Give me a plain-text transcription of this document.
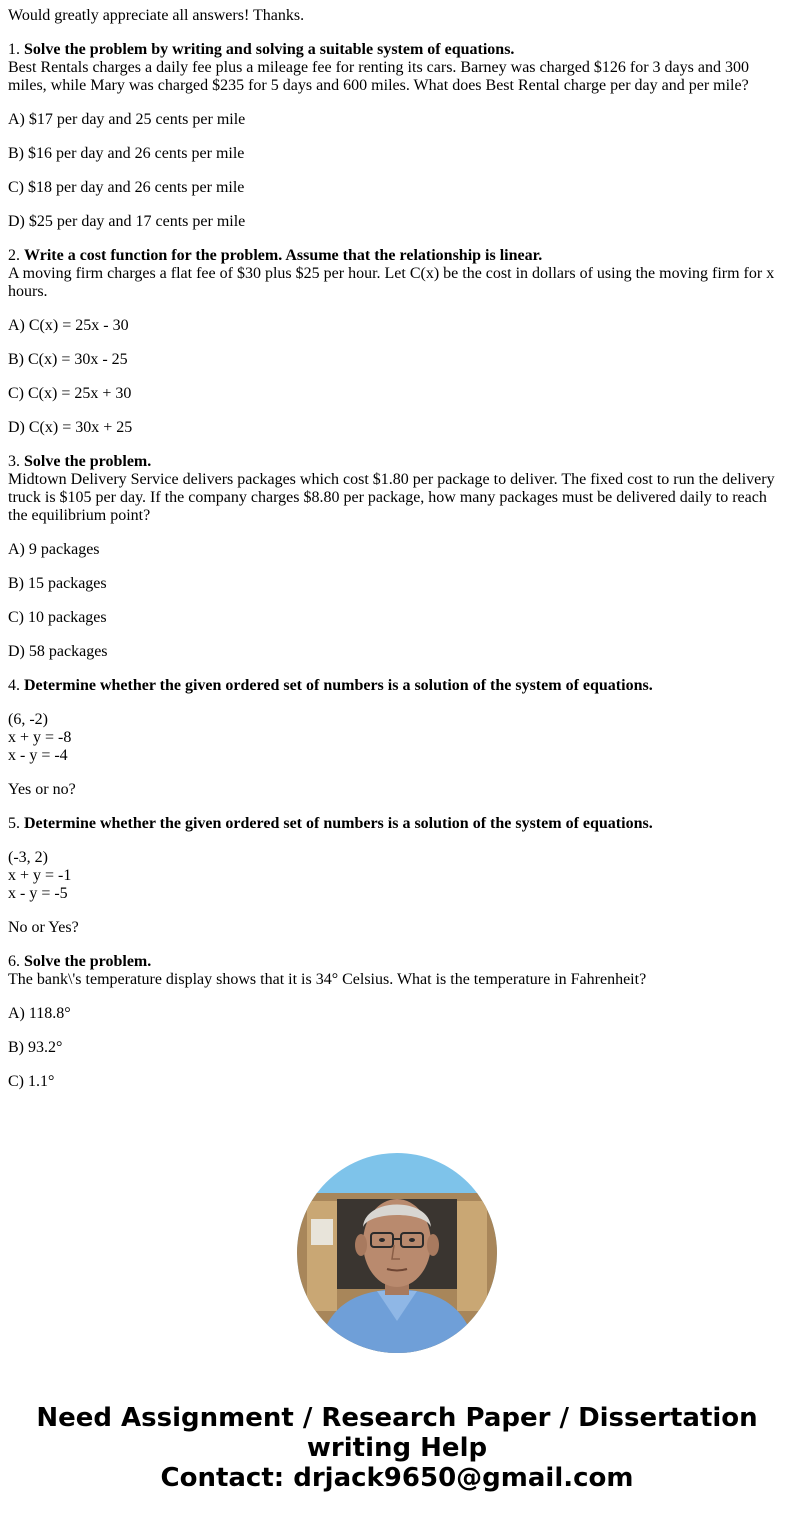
Would greatly appreciate all answers! Thanks.
1. Solve the problem by writing and solving a suitable system of equations.
Best Rentals charges a daily fee plus a mileage fee for renting its cars. Barney was charged $126 for 3 days and 300 miles, while Mary was charged $235 for 5 days and 600 miles. What does Best Rental charge per day and per mile?
A) $17 per day and 25 cents per mile
B) $16 per day and 26 cents per mile
C) $18 per day and 26 cents per mile
D) $25 per day and 17 cents per mile
2. Write a cost function for the problem. Assume that the relationship is linear.
A moving firm charges a flat fee of $30 plus $25 per hour. Let C(x) be the cost in dollars of using the moving firm for x hours.
A) C(x) = 25x - 30
B) C(x) = 30x - 25
C) C(x) = 25x + 30
D) C(x) = 30x + 25
3. Solve the problem.
Midtown Delivery Service delivers packages which cost $1.80 per package to deliver. The fixed cost to run the delivery truck is $105 per day. If the company charges $8.80 per package, how many packages must be delivered daily to reach the equilibrium point?
A) 9 packages
B) 15 packages
C) 10 packages
D) 58 packages
4. Determine whether the given ordered set of numbers is a solution of the system of equations.
(6, -2)
x + y = -8
x - y = -4
Yes or no?
5. Determine whether the given ordered set of numbers is a solution of the system of equations.
(-3, 2)
x + y = -1
x - y = -5
No or Yes?
6. Solve the problem.
The bank\'s temperature display shows that it is 34° Celsius. What is the temperature in Fahrenheit?
A) 118.8°
B) 93.2°
C) 1.1°
Need Assignment / Research Paper / Dissertation
writing Help
Contact: drjack9650@gmail.com
